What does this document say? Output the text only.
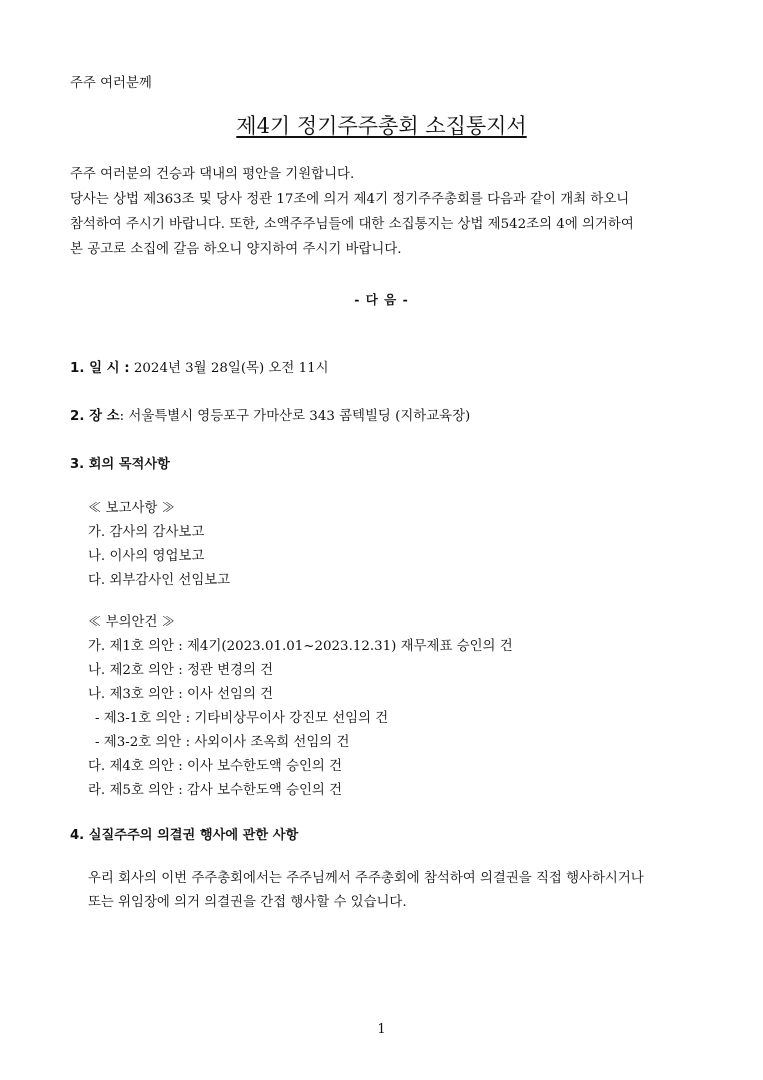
주주 여러분께
제4기 정기주주총회 소집통지서
주주 여러분의 건승과 댁내의 평안을 기원합니다.
당사는 상법 제363조 및 당사 정관 17조에 의거 제4기 정기주주총회를 다음과 같이 개최 하오니
참석하여 주시기 바랍니다. 또한, 소액주주님들에 대한 소집통지는 상법 제542조의 4에 의거하여
본 공고로 소집에 갈음 하오니 양지하여 주시기 바랍니다.
- 다 음 -
1. 일 시 : 2024년 3월 28일(목) 오전 11시
2. 장 소: 서울특별시 영등포구 가마산로 343 콤텍빌딩 (지하교육장)
3. 회의 목적사항
≪ 보고사항 ≫
가. 감사의 감사보고
나. 이사의 영업보고
다. 외부감사인 선임보고
≪ 부의안건 ≫
가. 제1호 의안 : 제4기(2023.01.01~2023.12.31) 재무제표 승인의 건
나. 제2호 의안 : 정관 변경의 건
나. 제3호 의안 : 이사 선임의 건
- 제3-1호 의안 : 기타비상무이사 강진모 선임의 건
- 제3-2호 의안 : 사외이사 조옥희 선임의 건
다. 제4호 의안 : 이사 보수한도액 승인의 건
라. 제5호 의안 : 감사 보수한도액 승인의 건
4. 실질주주의 의결권 행사에 관한 사항
우리 회사의 이번 주주총회에서는 주주님께서 주주총회에 참석하여 의결권을 직접 행사하시거나
또는 위임장에 의거 의결권을 간접 행사할 수 있습니다.
1
